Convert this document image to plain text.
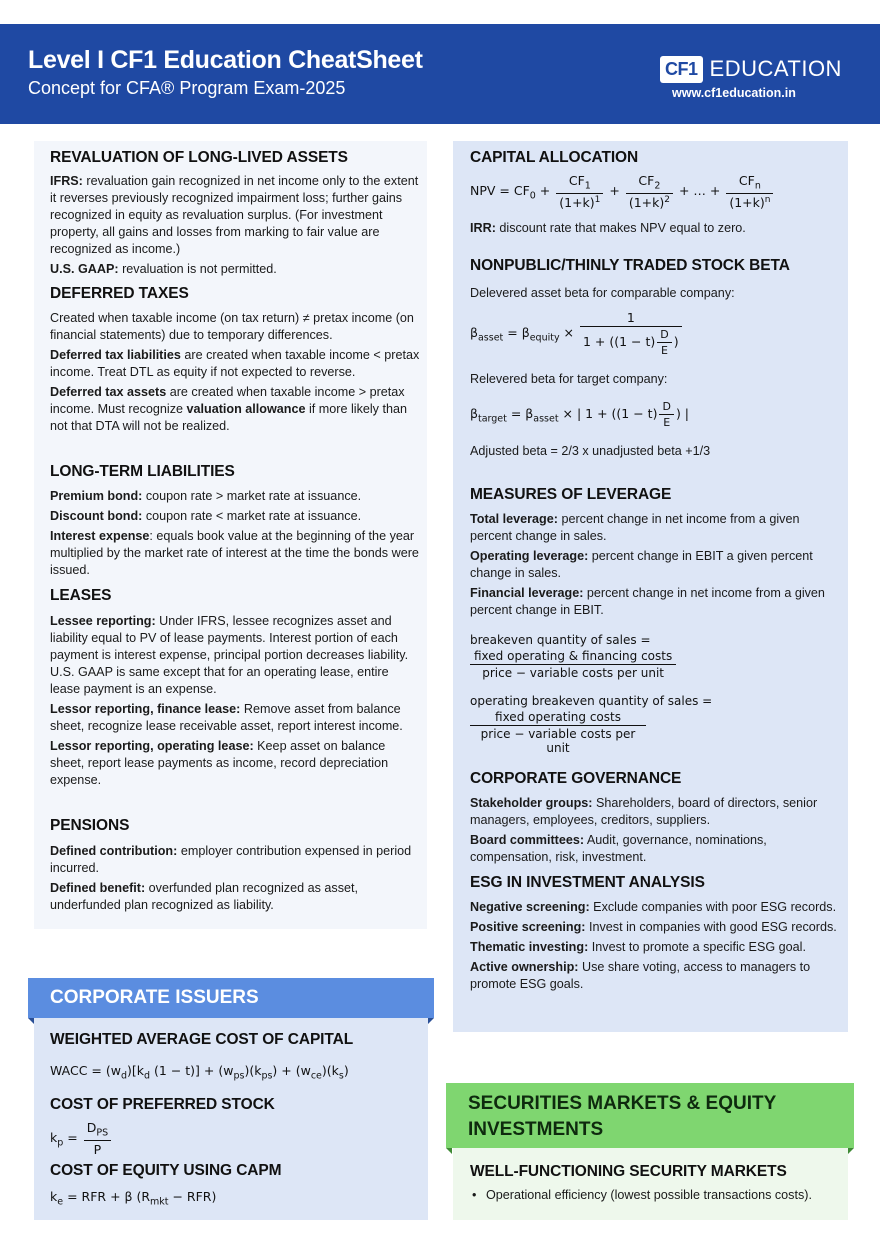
Level I CF1 Education CheatSheet
Concept for CFA® Program Exam-2025
CF1 EDUCATION
www.cf1education.in
REVALUATION OF LONG-LIVED ASSETS

IFRS: revaluation gain recognized in net income only to the extent it reverses previously recognized impairment loss; further gains recognized in equity as revaluation surplus. (For investment property, all gains and losses from marking to fair value are recognized as income.)

U.S. GAAP: revaluation is not permitted.

DEFERRED TAXES

Created when taxable income (on tax return) ≠ pretax income (on financial statements) due to temporary differences.

Deferred tax liabilities are created when taxable income < pretax income. Treat DTL as equity if not expected to reverse.

Deferred tax assets are created when taxable income > pretax income. Must recognize valuation allowance if more likely than not that DTA will not be realized.

LONG-TERM LIABILITIES

Premium bond: coupon rate > market rate at issuance.

Discount bond: coupon rate < market rate at issuance.

Interest expense: equals book value at the beginning of the year multiplied by the market rate of interest at the time the bonds were issued.

LEASES

Lessee reporting: Under IFRS, lessee recognizes asset and liability equal to PV of lease payments. Interest portion of each payment is interest expense, principal portion decreases liability. U.S. GAAP is same except that for an operating lease, entire lease payment is an expense.

Lessor reporting, finance lease: Remove asset from balance sheet, recognize lease receivable asset, report interest income.

Lessor reporting, operating lease: Keep asset on balance sheet, report lease payments as income, record depreciation expense.

PENSIONS

Defined contribution: employer contribution expensed in period incurred.

Defined benefit: overfunded plan recognized as asset, underfunded plan recognized as liability.

CORPORATE ISSUERS
WEIGHTED AVERAGE COST OF CAPITAL
WACC = $(w_d)[k_d$ $(1 - t)] + (w_{ps})(k_{ps}) + (w_{ce})(k_s)$
COST OF PREFERRED STOCK
$k_p = \frac{D_{PS}}{P}$
COST OF EQUITY USING CAPM
$k_e$ = RFR + β $(R_{mkt} - RFR)$
CAPITAL ALLOCATION
NPV = $CF_0 + \frac{CF_1}{(1+k)^1} + \frac{CF_2}{(1+k)^2}$ + … + $\frac{CF_n}{(1+k)^n}$

IRR: discount rate that makes NPV equal to zero.

NONPUBLIC/THINLY TRADED STOCK BETA

Delevered asset beta for comparable company:

$\beta_{asset} = \beta_{equity} \times \frac{1}{1 + ((1 - t) \frac{D}{E} )}$

Relevered beta for target company:

$\beta_{target} = \beta_{asset}$ × | $1 + ((1 - t) \frac{D}{E}$ ) |

Adjusted beta = 2/3 x unadjusted beta +1/3

MEASURES OF LEVERAGE

Total leverage: percent change in net income from a given percent change in sales.

Operating leverage: percent change in EBIT a given percent change in sales.

Financial leverage: percent change in net income from a given percent change in EBIT.

breakeven quantity of sales =
fixed operating & financing costs
price − variable costs per unit
operating breakeven quantity of sales =
fixed operating costs
price − variable costs per unit
CORPORATE GOVERNANCE

Stakeholder groups: Shareholders, board of directors, senior managers, employees, creditors, suppliers.

Board committees: Audit, governance, nominations, compensation, risk, investment.

ESG IN INVESTMENT ANALYSIS

Negative screening: Exclude companies with poor ESG records.

Positive screening: Invest in companies with good ESG records.

Thematic investing: Invest to promote a specific ESG goal.

Active ownership: Use share voting, access to managers to promote ESG goals.

SECURITIES MARKETS & EQUITY INVESTMENTS
WELL-FUNCTIONING SECURITY MARKETS
• Operational efficiency (lowest possible transactions costs).
